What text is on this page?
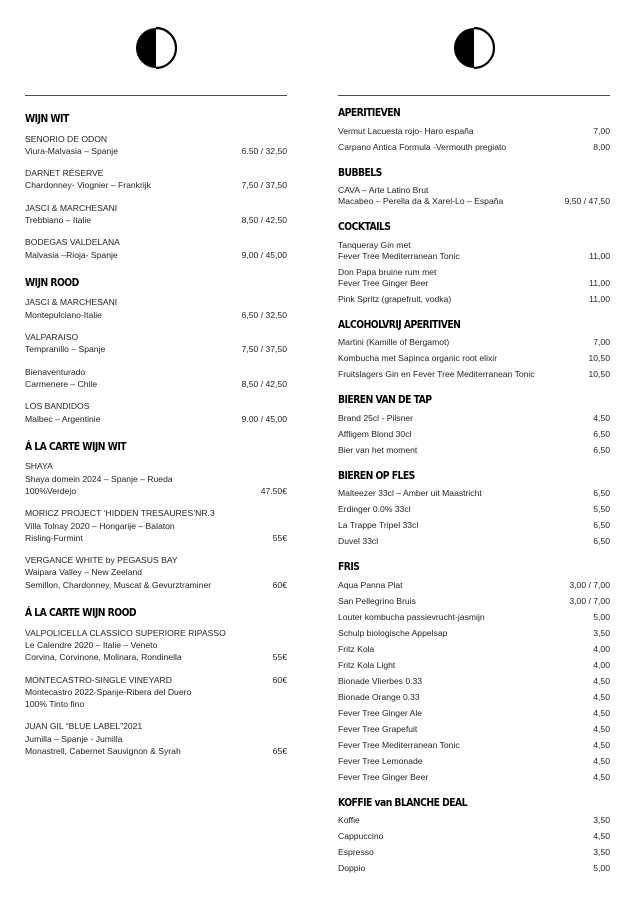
WIJN WIT
SENORIO DE ODON
Viura-Malvasia – Spanje	6.50 / 32,50
DARNET RÉSERVE
Chardonney- Viognier – Frankrijk	7,50 / 37,50
JASCI & MARCHESANI
Trebbiano – Italie	8,50 / 42,50
BODEGAS VALDELANA
Malvasia –Rioja- Spanje	9,00 / 45,00
WIJN ROOD
JASCI & MARCHESANI
Montepulciano-Italie	6,50 / 32,50
VALPARAISO
Tempranillo – Spanje	7,50 / 37,50
Bienaventurado
Carmenere – Chile	8,50 / 42,50
LOS BANDIDOS
Malbec – Argentinie	9.00 / 45,00
Á LA CARTE WIJN WIT
SHAYA
Shaya domein 2024 – Spanje – Rueda
100%Verdejo	47.50€
MORICZ PROJECT ‘HIDDEN TRESAURES’NR.3
Villa Tolnay 2020 – Hongarije – Balaton
Risling-Furmint	55€
VERGANCE WHITE by PEGASUS BAY
Waipara Valley – New Zeeland
Semillon, Chardonney, Muscat & Gevurztraminer	60€
Á LA CARTE WIJN ROOD
VALPOLICELLA CLASSICO SUPERIORE RIPASSO
Le Calendre 2020 – Italie – Veneto
Corvina, Corvinone, Molinara, Rondinella	55€
MONTECASTRO-SINGLE VINEYARD	60€
Montecastro 2022-Spanje-Ribera del Duero
100% Tinto fino
JUAN GIL “BLUE LABEL”2021
Jumilla – Spanje - Jumilla
Monastrell, Cabernet Sauvignon & Syrah	65€
APERITIEVEN
Vermut Lacuesta rojo- Haro españa	7,00
Carpano Antica Formula -Vermouth pregiato	8,00
BUBBELS
CAVA – Arte Latino Brut
Macabeo – Perella da & Xarel-Lo – España	9,50 / 47,50
COCKTAILS
Tanqueray Gin met
Fever Tree Mediterranean Tonic	11,00
Don Papa bruine rum met
Fever Tree Ginger Beer	11,00
Pink Spritz (grapefruit, vodka)	11,00
ALCOHOLVRIJ APERITIVEN
Martini (Kamille of Bergamot)	7,00
Kombucha met Sapinca organic root elixir	10,50
Fruitslagers Gin en Fever Tree Mediterranean Tonic	10,50
BIEREN VAN DE TAP
Brand 25cl - Pilsner	4,50
Affligem Blond 30cl	6,50
Bier van het moment	6,50
BIEREN OP FLES
Malteezer 33cl – Amber uit Maastricht	6,50
Erdinger 0.0% 33cl	5,50
La Trappe Tripel 33cl	6,50
Duvel 33cl	6,50
FRIS
Aqua Panna Plat	3,00 / 7,00
San Pellegrino Bruis	3,00 / 7,00
Louter kombucha passievrucht-jasmijn	5,00
Schulp biologische Appelsap	3,50
Fritz Kola	4,00
Fritz Kola Light	4,00
Bionade Vlierbes 0.33	4,50
Bionade Orange 0.33	4,50
Fever Tree Ginger Ale	4,50
Fever Tree Grapefuit	4,50
Fever Tree Mediterranean Tonic	4,50
Fever Tree Lemonade	4,50
Fever Tree Ginger Beer	4,50
KOFFIE van BLANCHE DEAL
Koffie	3,50
Cappuccino	4,50
Espresso	3,50
Doppio	5,00
